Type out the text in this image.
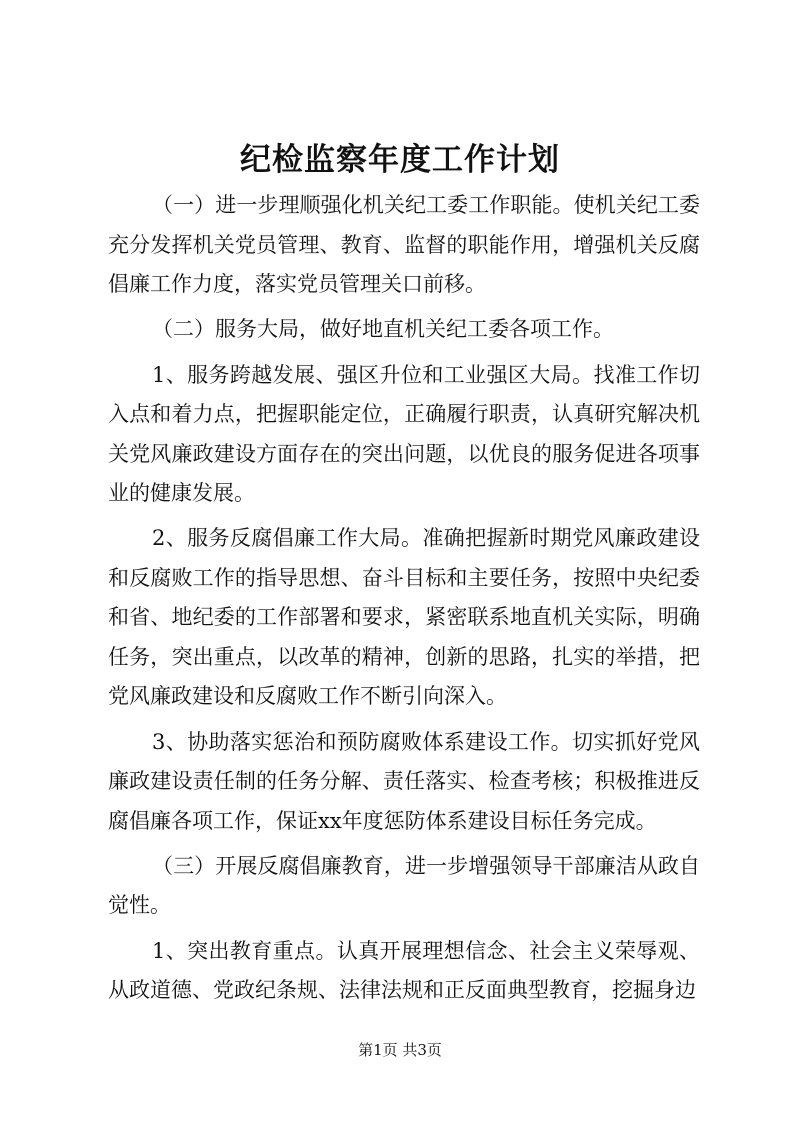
纪检监察年度工作计划

（一）进一步理顺强化机关纪工委工作职能。使机关纪工委充分发挥机关党员管理、教育、监督的职能作用，增强机关反腐倡廉工作力度，落实党员管理关口前移。

（二）服务大局，做好地直机关纪工委各项工作。

1、服务跨越发展、强区升位和工业强区大局。找准工作切入点和着力点，把握职能定位，正确履行职责，认真研究解决机关党风廉政建设方面存在的突出问题，以优良的服务促进各项事业的健康发展。

2、服务反腐倡廉工作大局。准确把握新时期党风廉政建设和反腐败工作的指导思想、奋斗目标和主要任务，按照中央纪委和省、地纪委的工作部署和要求，紧密联系地直机关实际，明确任务，突出重点，以改革的精神，创新的思路，扎实的举措，把党风廉政建设和反腐败工作不断引向深入。

3、协助落实惩治和预防腐败体系建设工作。切实抓好党风廉政建设责任制的任务分解、责任落实、检查考核；积极推进反腐倡廉各项工作，保证xx年度惩防体系建设目标任务完成。

（三）开展反腐倡廉教育，进一步增强领导干部廉洁从政自觉性。

1、突出教育重点。认真开展理想信念、社会主义荣辱观、从政道德、党政纪条规、法律法规和正反面典型教育，挖掘身边

第1页 共3页
